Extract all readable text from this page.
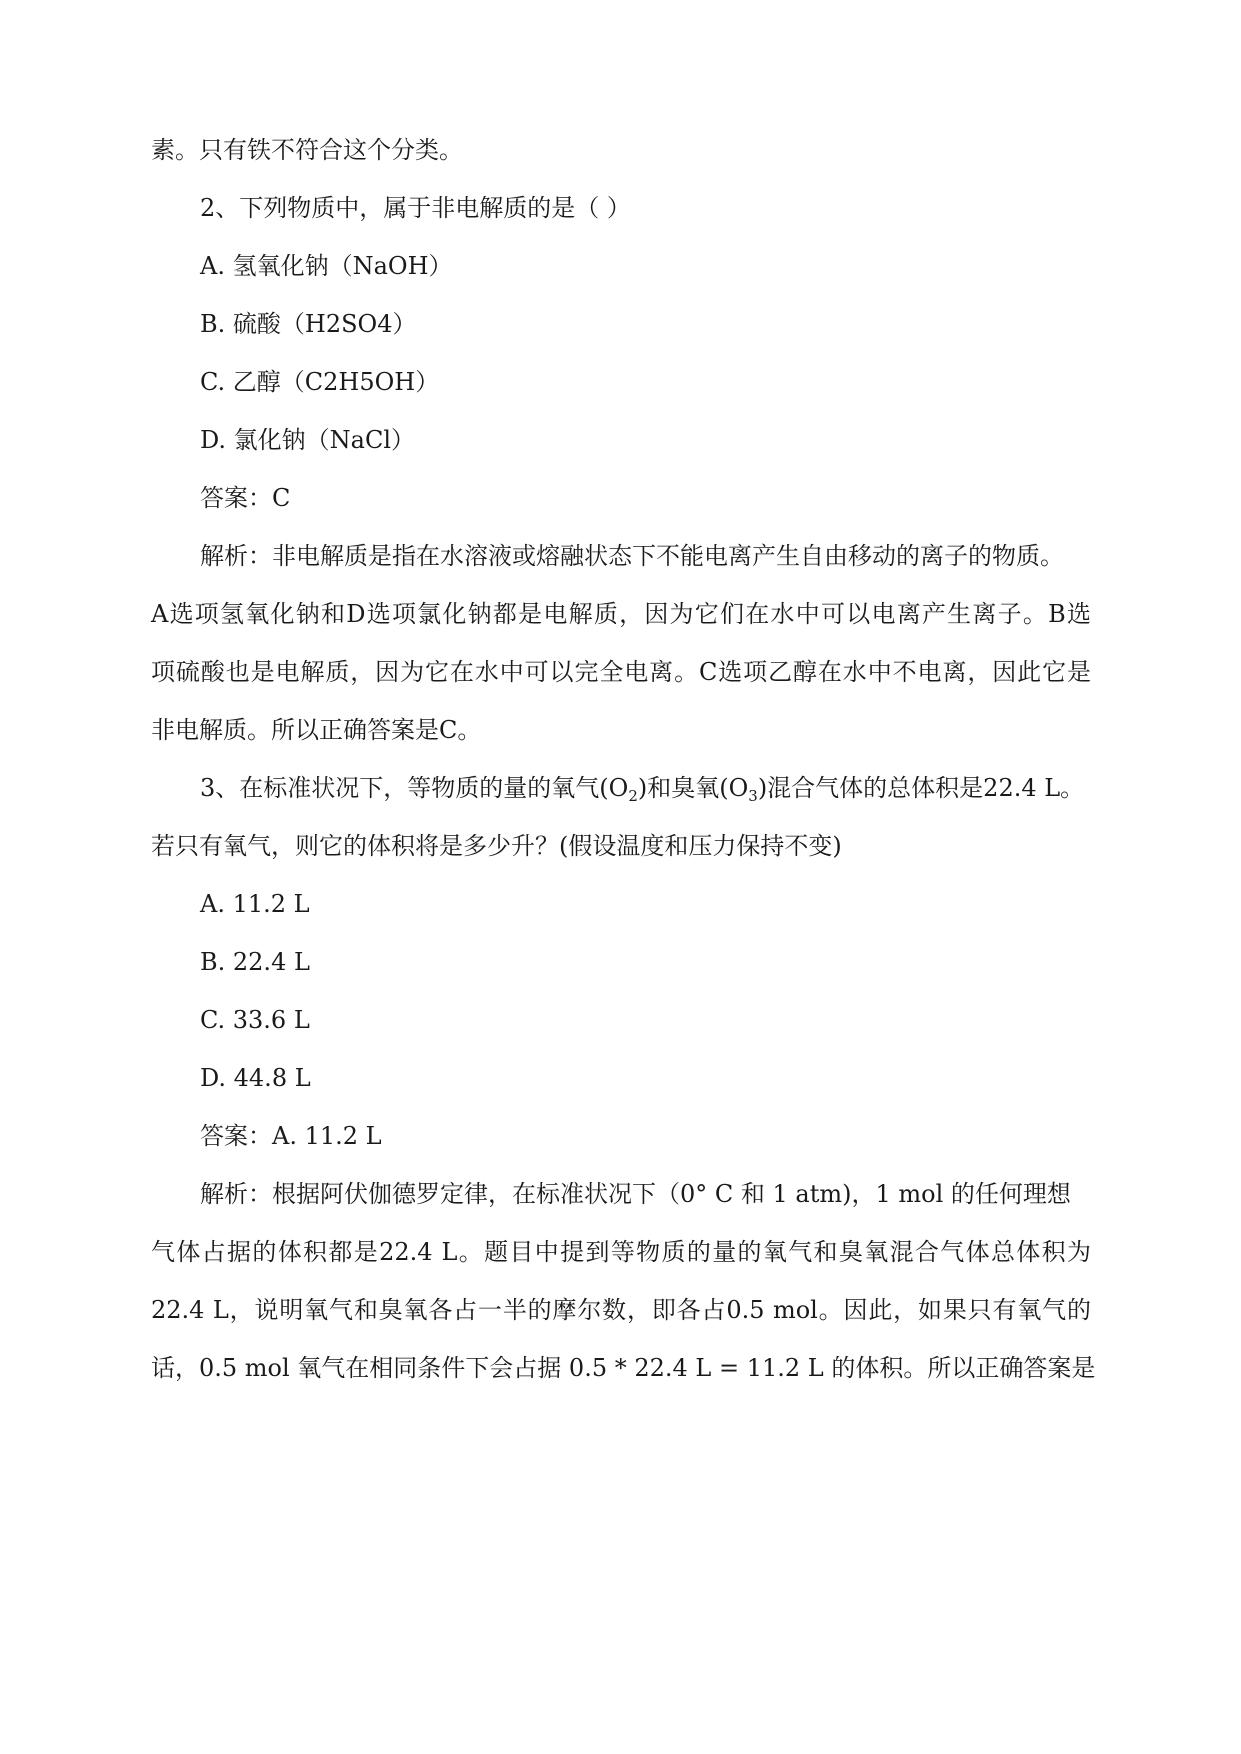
素。只有铁不符合这个分类。
2、下列物质中，属于非电解质的是（ ）
A. 氢氧化钠（NaOH）
B. 硫酸（H2SO4）
C. 乙醇（C2H5OH）
D. 氯化钠（NaCl）
答案：C
解析：非电解质是指在水溶液或熔融状态下不能电离产生自由移动的离子的物质。
A选项氢氧化钠和D选项氯化钠都是电解质，因为它们在水中可以电离产生离子。B选
项硫酸也是电解质，因为它在水中可以完全电离。C选项乙醇在水中不电离，因此它是
非电解质。所以正确答案是C。
3、在标准状况下，等物质的量的氧气$(O_2)$和臭氧$(O_3)$混合气体的总体积是22.4 L。
若只有氧气，则它的体积将是多少升？(假设温度和压力保持不变)
A. 11.2 L
B. 22.4 L
C. 33.6 L
D. 44.8 L
答案：A. 11.2 L
解析：根据阿伏伽德罗定律，在标准状况下（0° C 和 1 atm)，1 mol 的任何理想
气体占据的体积都是22.4 L。题目中提到等物质的量的氧气和臭氧混合气体总体积为
22.4 L，说明氧气和臭氧各占一半的摩尔数，即各占0.5 mol。因此，如果只有氧气的
话，0.5 mol 氧气在相同条件下会占据 0.5 * 22.4 L = 11.2 L 的体积。所以正确答案是
